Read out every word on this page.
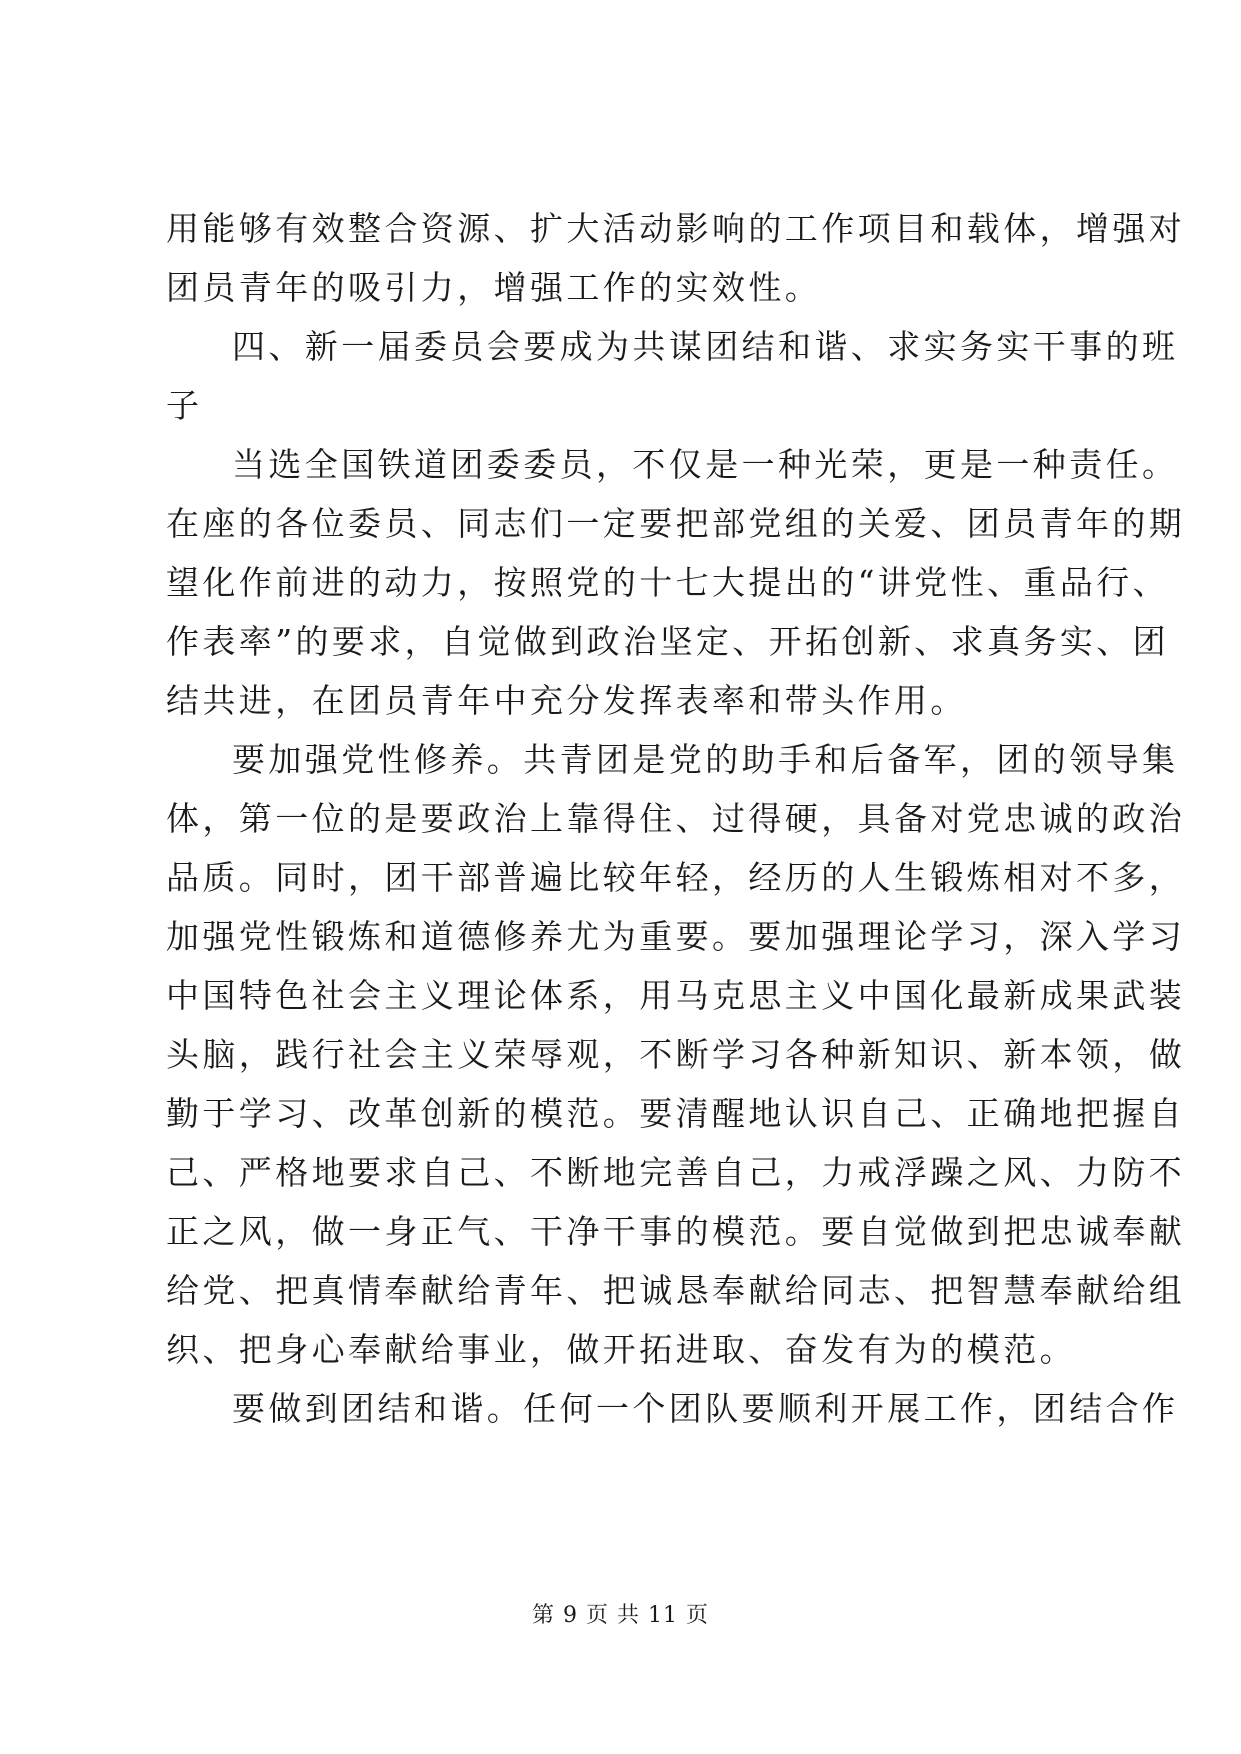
用能够有效整合资源、扩大活动影响的工作项目和载体，增强对
团员青年的吸引力，增强工作的实效性。
四、新一届委员会要成为共谋团结和谐、求实务实干事的班
子
当选全国铁道团委委员，不仅是一种光荣，更是一种责任。
在座的各位委员、同志们一定要把部党组的关爱、团员青年的期
望化作前进的动力，按照党的十七大提出的“讲党性、重品行、
作表率”的要求，自觉做到政治坚定、开拓创新、求真务实、团
结共进，在团员青年中充分发挥表率和带头作用。
要加强党性修养。共青团是党的助手和后备军，团的领导集
体，第一位的是要政治上靠得住、过得硬，具备对党忠诚的政治
品质。同时，团干部普遍比较年轻，经历的人生锻炼相对不多，
加强党性锻炼和道德修养尤为重要。要加强理论学习，深入学习
中国特色社会主义理论体系，用马克思主义中国化最新成果武装
头脑，践行社会主义荣辱观，不断学习各种新知识、新本领，做
勤于学习、改革创新的模范。要清醒地认识自己、正确地把握自
己、严格地要求自己、不断地完善自己，力戒浮躁之风、力防不
正之风，做一身正气、干净干事的模范。要自觉做到把忠诚奉献
给党、把真情奉献给青年、把诚恳奉献给同志、把智慧奉献给组
织、把身心奉献给事业，做开拓进取、奋发有为的模范。
要做到团结和谐。任何一个团队要顺利开展工作，团结合作
第 9 页 共 11 页
